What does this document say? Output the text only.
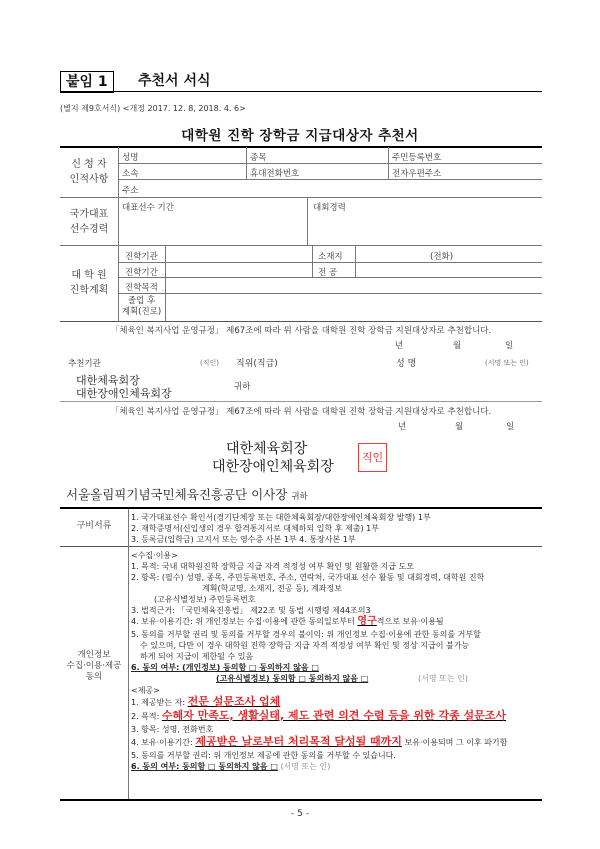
붙임 1	추천서 서식
(별지 제9호서식) <개정 2017. 12. 8, 2018. 4. 6>
대학원 진학 장학금 지급대상자 추천서
신 청 자
인적사항
성명	종목	주민등록번호
소속	휴대전화번호	전자우편주소
주소
국가대표
선수경력
대표선수 기간	대회경력
대 학 원
진학계획
진학기관	소재지	(전화)
진학기간	전 공
진학목적
졸업 후
계획(진로)
「체육인 복지사업 운영규정」 제67조에 따라 위 사람을 대학원 진학 장학금 지원대상자로 추천합니다.
년	월	일
추천기관	(직인) 직위(직급)	성 명	(서명 또는 인)
대한체육회장
대한장애인체육회장	귀하
「체육인 복지사업 운영규정」 제67조에 따라 위 사람을 대학원 진학 장학금 지원대상자로 추천합니다.
년	월	일
대한체육회장
대한장애인체육회장
직인
서울올림픽기념국민체육진흥공단 이사장 귀하
구비서류
1. 국가대표선수 확인서(경기단체장 또는 대한체육회장/대한장애인체육회장 발행) 1부
2. 재학증명서(신입생의 경우 합격통지서로 대체하되 입학 후 제출) 1부
3. 등록금(입학금) 고지서 또는 영수증 사본 1부 4. 통장사본 1부
개인정보
수집·이용·제공
동의
<수집·이용>
1. 목적: 국내 대학원진학 장학금 지급 자격 적정성 여부 확인 및 원활한 지급 도모
2. 항목: (필수) 성명, 종목, 주민등록번호, 주소, 연락처, 국가대표 선수 활동 및 대회경력, 대학원 진학
계획(학교명, 소재지, 전공 등), 계좌정보
(고유식별정보) 주민등록번호
3. 법적근거: 「국민체육진흥법」 제22조 및 동법 시행령 제44조의3
4. 보유·이용기간: 위 개인정보는 수집·이용에 관한 동의일로부터 영구적으로 보유·이용됨
5. 동의를 거부할 권리 및 동의를 거부할 경우의 불이익: 위 개인정보 수집·이용에 관한 동의를 거부할
수 있으며, 다만 이 경우 대학원 진학 장학금 지급 자격 적정성 여부 확인 및 정상 지급이 불가능
하게 되어 지급이 제한될 수 있음
6. 동의 여부: (개인정보) 동의함 □ 동의하지 않음 □
(고유식별정보) 동의함 □ 동의하지 않음 □	(서명 또는 인)
<제공>
1. 제공받는 자: 전문 설문조사 업체
2. 목적: 수혜자 만족도, 생활실태, 제도 관련 의견 수렴 등을 위한 각종 설문조사
3. 항목: 성명, 전화번호
4. 보유·이용기간: 제공받은 날로부터 처리목적 달성될 때까지 보유·이용되며 그 이후 파기함
5. 동의를 거부할 권리: 위 개인정보 제공에 관한 동의를 거부할 수 있습니다.
6. 동의 여부: 동의함 □ 동의하지 않음 □ (서명 또는 인)
- 5 -
